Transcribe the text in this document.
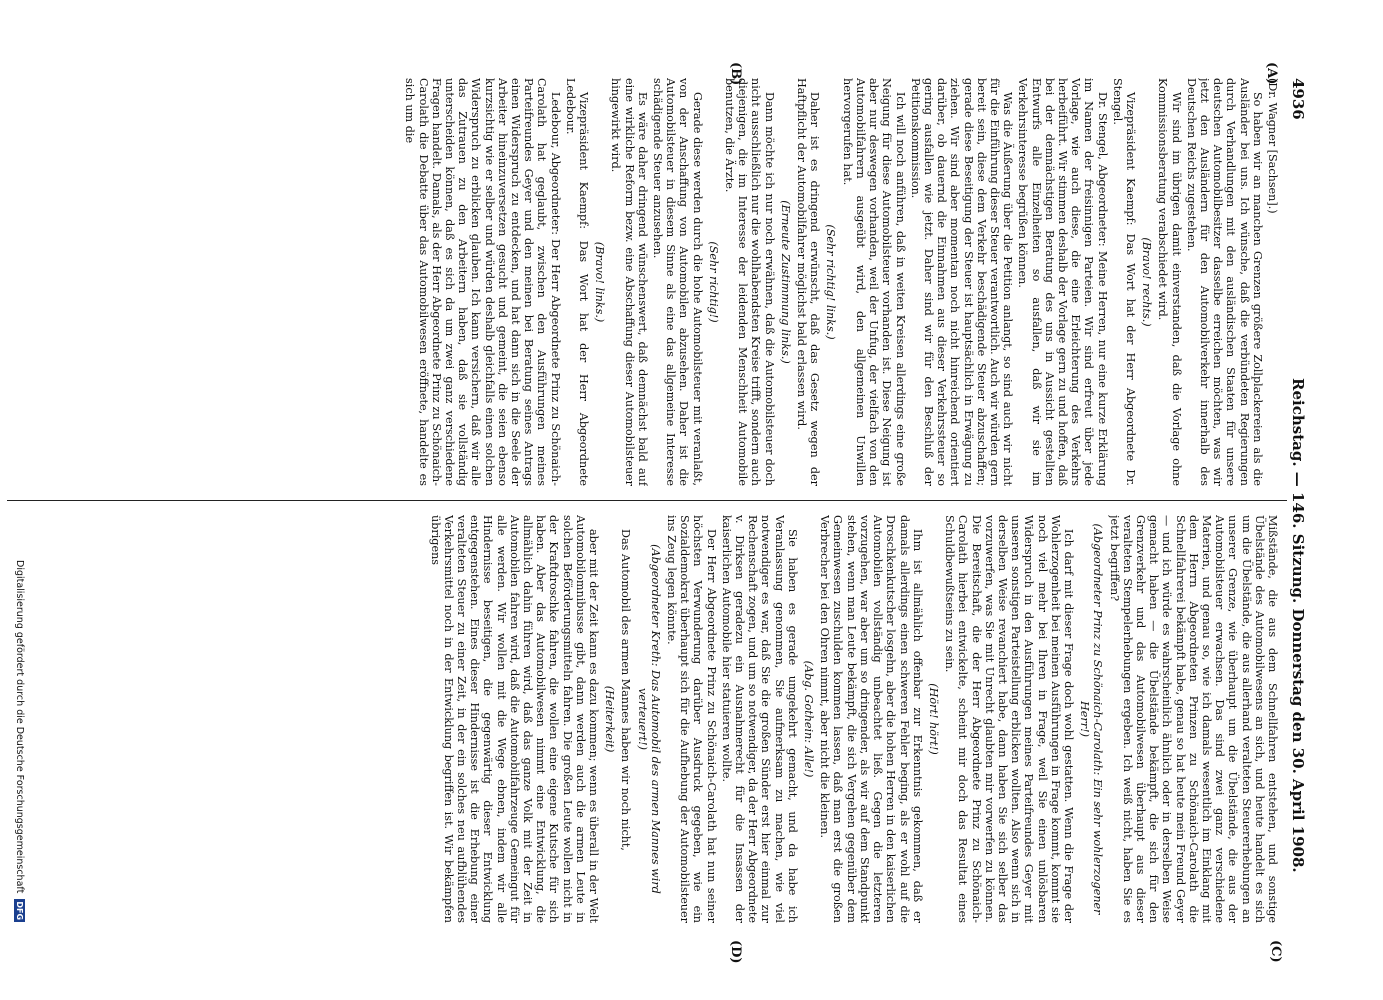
4936
Reichstag. — 146. Sitzung. Donnerstag den 30. April 1908.
(A)
(B)
(C)
(D)

(Dr. Wagner [Sachsen].)

So haben wir an manchen Grenzen größere Zollplackereien als die Ausländer bei uns. Ich wünsche, daß die verbündeten Regierungen durch Verhandlungen mit den ausländischen Staaten für unsere deutschen Automobilbesitzer dasselbe erreichen möchten, was wir jetzt den Ausländern für den Automobilverkehr innerhalb des Deutschen Reichs zugestehen.

Wir sind im übrigen damit einverstanden, daß die Vorlage ohne Kommissionsberatung verabschiedet wird.

(Bravo! rechts.)

Vizepräsident Kaempf: Das Wort hat der Herr Abgeordnete Dr. Stengel.

Dr. Stengel, Abgeordneter: Meine Herren, nur eine kurze Erklärung im Namen der freisinnigen Parteien. Wir sind erfreut über jede Vorlage, wie auch diese, die eine Erleichterung des Verkehrs herbeiführt. Wir stimmen deshalb der Vorlage gern zu und hoffen, daß bei der demnächstigen Beratung des uns in Aussicht gestellten Entwurfs alle Einzelheiten so ausfallen, daß wir sie im Verkehrsinteresse begrüßen können.

Was die Äußerung über die Petition anlangt, so sind auch wir nicht für die Einführung dieser Steuer verantwortlich. Auch wir würden gern bereit sein, diese dem Verkehr beschädigende Steuer abzuschaffen; gerade diese Beseitigung der Steuer ist hauptsächlich in Erwägung zu ziehen. Wir sind aber momentan noch nicht hinreichend orientiert darüber, ob dauernd die Einnahmen aus dieser Verkehrssteuer so gering ausfallen wie jetzt. Daher sind wir für den Beschluß der Petitionskommission.

Ich will noch anführen, daß in weiten Kreisen allerdings eine große Neigung für diese Automobilsteuer vorhanden ist. Diese Neigung ist aber nur deswegen vorhanden, weil der Unfug, der vielfach von den Automobilfahrern ausgeübt wird, den allgemeinen Unwillen hervorgerufen hat.

(Sehr richtig! links.)

Daher ist es dringend erwünscht, daß das Gesetz wegen der Haftpflicht der Automobilfahrer möglichst bald erlassen wird.

(Erneute Zustimmung links.)

Dann möchte ich nur noch erwähnen, daß die Automobilsteuer doch nicht ausschließlich nur die wohlhabendsten Kreise trifft, sondern auch diejenigen, die im Interesse der leidenden Menschheit Automobile benutzen, die Ärzte.

(Sehr richtig!)

Gerade diese werden durch die hohe Automobilsteuer mit veranlaßt, von der Anschaffung von Automobilen abzusehen. Daher ist die Automobilsteuer in diesem Sinne als eine das allgemeine Interesse schädigende Steuer anzusehen.

Es wäre daher dringend wünschenswert, daß demnächst bald auf eine wirkliche Reform bezw. eine Abschaffung dieser Automobilsteuer hingewirkt wird.

(Bravo! links.)

Vizepräsident Kaempf: Das Wort hat der Herr Abgeordnete Ledebour.

Ledebour, Abgeordneter: Der Herr Abgeordnete Prinz zu Schönaich-Carolath hat geglaubt, zwischen den Ausführungen meines Parteifreundes Geyer und den meinen bei Beratung seines Antrags einen Widerspruch zu entdecken, und hat dann sich in die Seele der Arbeiter hineinzuversetzen gesucht und gemeint, die seien ebenso kurzsichtig wie er selber und würden deshalb gleichfalls einen solchen Widerspruch zu erblicken glauben. Ich kann versichern, daß wir alle das Zutrauen zu den Arbeitern haben, daß sie vollständig unterscheiden können, daß es sich da um zwei ganz verschiedene Fragen handelt. Damals, als der Herr Abgeordnete Prinz zu Schönaich-Carolath die Debatte über das Automobilwesen eröffnete, handelte es sich um die

Mißstände, die aus dem Schnellfahren entstehen, und sonstige Übelstände des Automobilwesens an sich, und heute handelt es sich um die Übelstände, die aus allerhand veralteten Steuererhebungen an unserer Grenze, wie überhaupt um die Übelstände, die aus der Automobilsteuer erwachsen. Das sind zwei ganz verschiedene Materien, und genau so, wie ich damals wesentlich im Einklang mit dem Herrn Abgeordneten Prinzen zu Schönaich-Carolath die Schnellfahrerei bekämpft habe, genau so hat heute mein Freund Geyer — und ich würde es wahrscheinlich ähnlich oder in derselben Weise gemacht haben — die Übelstände bekämpft, die sich für den Grenzverkehr und das Automobilwesen überhaupt aus dieser veralteten Stempelerhebungen ergeben. Ich weiß nicht, haben Sie es jetzt begriffen?

(Abgeordneter Prinz zu Schönaich-Carolath: Ein sehr wohlerzogener Herr!)

Ich darf mit dieser Frage doch wohl gestatten. Wenn die Frage der Wohlerzogenheit bei meinen Ausführungen in Frage kommt, kommt sie noch viel mehr bei Ihren in Frage, weil Sie einen unlösbaren Widerspruch in den Ausführungen meines Parteifreundes Geyer mit unseren sonstigen Parteistellung erblicken wollten. Also wenn sich in derselben Weise revanchiert habe, dann haben Sie sich selber das vorzuwerfen, was Sie mit Unrecht glaubten mir vorwerfen zu können. Die Bereitschaft, die der Herr Abgeordnete Prinz zu Schönaich-Carolath hierbei entwickelte, scheint mir doch das Resultat eines Schuldbewußtseins zu sein.

(Hört! hört!)

Ihm ist allmählich offenbar zur Erkenntnis gekommen, daß er damals allerdings einen schweren Fehler beging, als er wohl auf die Droschkenkutscher losgehn, aber die hohen Herren in den kaiserlichen Automobilen vollständig unbeachtet ließ. Gegen die letzteren vorzugehen, war aber um so dringender, als wir auf dem Standpunkt stehen, wenn man Leute bekämpft, die sich Vergehen gegenüber dem Gemeinwesen zuschulden kommen lassen, daß man erst die großen Verbrecher bei den Ohren nimmt, aber nicht die kleinen.

(Abg. Gothein: Alle!)

Sie haben es gerade umgekehrt gemacht, und da habe ich Veranlassung genommen, Sie aufmerksam zu machen, wie viel notwendiger es war, daß Sie die großen Sünder erst hier einmal zur Rechenschaft zogen, und um so notwendiger, da der Herr Abgeordnete v. Dirksen geradezu ein Ausnahmerecht für die Insassen der kaiserlichen Automobile hier statuieren wollte.

Der Herr Abgeordnete Prinz zu Schönaich-Carolath hat nun seiner höchsten Verwunderung darüber Ausdruck gegeben, wie ein Sozialdemokrat überhaupt sich für die Aufhebung der Automobilsteuer ins Zeug legen könnte.

(Abgeordneter Kreth: Das Automobil des armen Mannes wird verteuert!)

Das Automobil des armen Mannes haben wir noch nicht,

(Heiterkeit)

aber mit der Zeit kann es dazu kommen; wenn es überall in der Welt Automobilomnibusse gibt, dann werden auch die armen Leute in solchen Beförderungsmitteln fahren. Die großen Leute wollen nicht in der Kraftdroschke fahren, die wollen eine eigene Kutsche für sich haben. Aber das Automobilwesen nimmt eine Entwicklung, die allmählich dahin führen wird, daß das ganze Volk mit der Zeit in Automobilen fahren wird, daß die Automobilfahrzeuge Gemeingut für alle werden. Wir wollen mit die Wege ebnen, indem wir alle Hindernisse beseitigen, die gegenwärtig dieser Entwicklung entgegenstehen. Eines dieser Hindernisse ist die Erhebung einer veralteten Steuer zu einer Zeit, in der ein solches neu aufblühendes Verkehrsmittel noch in der Entwicklung begriffen ist. Wir bekämpfen übrigens

Digitalisierung gefördert durch die Deutsche Forschungsgemeinschaft DFG
